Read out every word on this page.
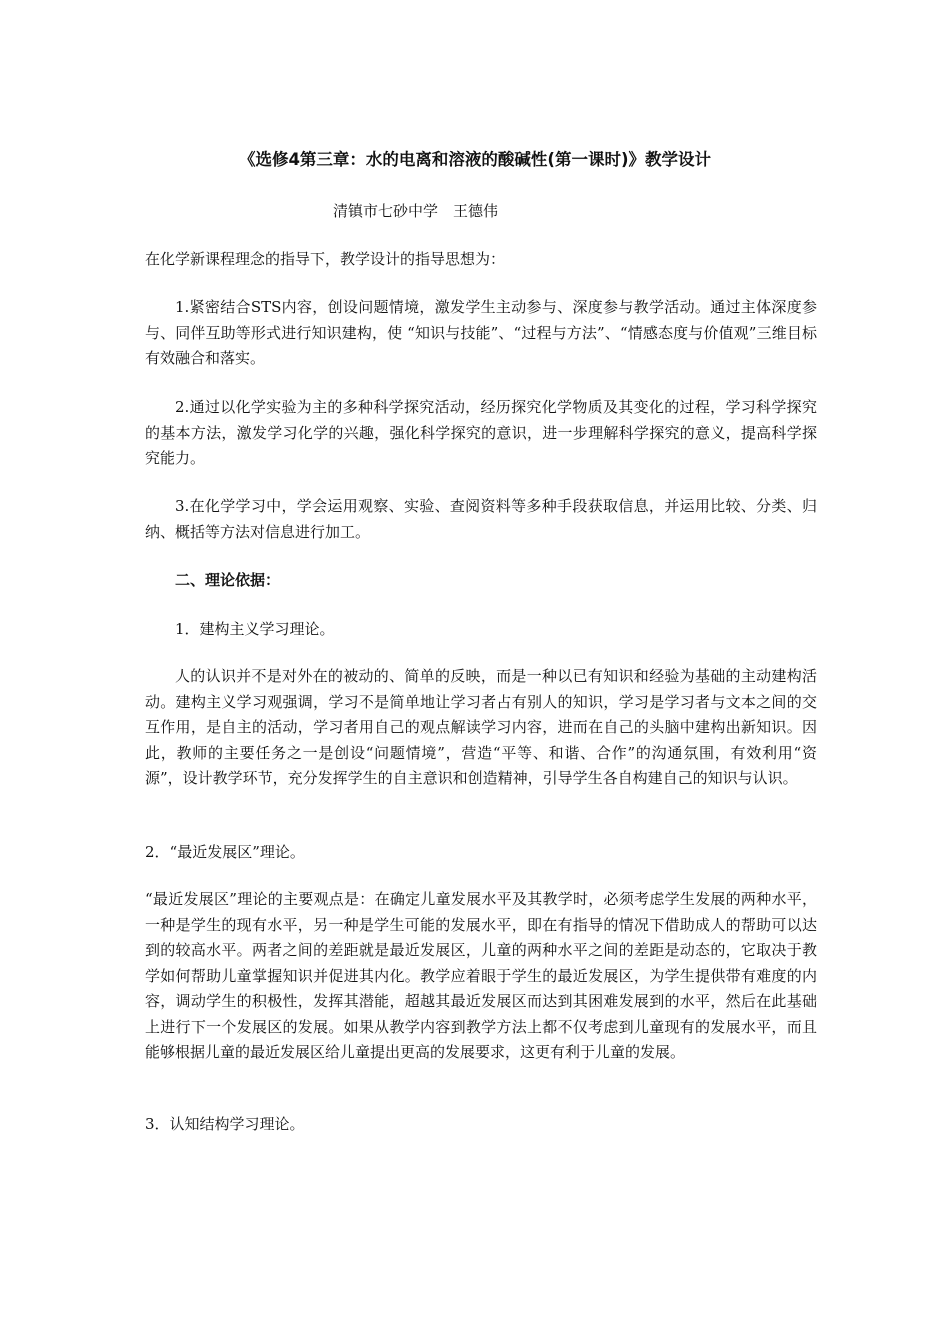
《选修4第三章：水的电离和溶液的酸碱性(第一课时)》教学设计
清镇市七砂中学　王德伟

在化学新课程理念的指导下，教学设计的指导思想为：

1.紧密结合STS内容，创设问题情境，激发学生主动参与、深度参与教学活动。通过主体深度参与、同伴互助等形式进行知识建构，使 “知识与技能”、“过程与方法”、“情感态度与价值观”三维目标有效融合和落实。

2.通过以化学实验为主的多种科学探究活动，经历探究化学物质及其变化的过程，学习科学探究的基本方法，激发学习化学的兴趣，强化科学探究的意识，进一步理解科学探究的意义，提高科学探究能力。

3.在化学学习中，学会运用观察、实验、查阅资料等多种手段获取信息，并运用比较、分类、归纳、概括等方法对信息进行加工。

二、理论依据：

1．建构主义学习理论。

人的认识并不是对外在的被动的、简单的反映，而是一种以已有知识和经验为基础的主动建构活动。建构主义学习观强调，学习不是简单地让学习者占有别人的知识，学习是学习者与文本之间的交互作用，是自主的活动，学习者用自己的观点解读学习内容，进而在自己的头脑中建构出新知识。因此，教师的主要任务之一是创设“问题情境”，营造“平等、和谐、合作”的沟通氛围，有效利用“资源”，设计教学环节，充分发挥学生的自主意识和创造精神，引导学生各自构建自己的知识与认识。

2．“最近发展区”理论。

“最近发展区”理论的主要观点是：在确定儿童发展水平及其教学时，必须考虑学生发展的两种水平，一种是学生的现有水平，另一种是学生可能的发展水平，即在有指导的情况下借助成人的帮助可以达到的较高水平。两者之间的差距就是最近发展区，儿童的两种水平之间的差距是动态的，它取决于教学如何帮助儿童掌握知识并促进其内化。教学应着眼于学生的最近发展区，为学生提供带有难度的内容，调动学生的积极性，发挥其潜能，超越其最近发展区而达到其困难发展到的水平，然后在此基础上进行下一个发展区的发展。如果从教学内容到教学方法上都不仅考虑到儿童现有的发展水平，而且能够根据儿童的最近发展区给儿童提出更高的发展要求，这更有利于儿童的发展。

3．认知结构学习理论。
